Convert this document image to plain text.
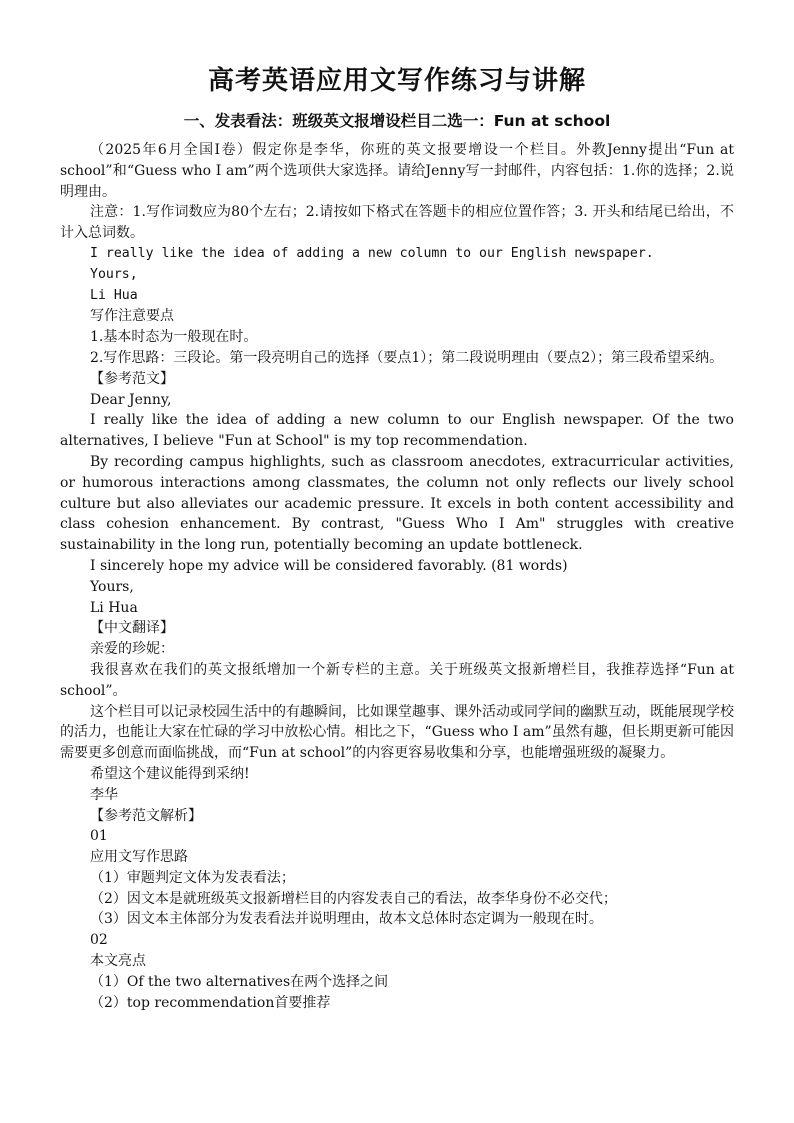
高考英语应用文写作练习与讲解
一、发表看法：班级英文报增设栏目二选一：Fun at school

（2025年6月全国Ⅰ卷）假定你是李华，你班的英文报要增设一个栏目。外教Jenny提出“Fun at school”和“Guess who I am”两个选项供大家选择。请给Jenny写一封邮件，内容包括：1.你的选择；2.说明理由。

注意：1.写作词数应为80个左右；2.请按如下格式在答题卡的相应位置作答；3. 开头和结尾已给出，不计入总词数。

I really like the idea of adding a new column to our English newspaper.

Yours,

Li Hua

写作注意要点

1.基本时态为一般现在时。

2.写作思路：三段论。第一段亮明自己的选择（要点1）；第二段说明理由（要点2）；第三段希望采纳。

【参考范文】

Dear Jenny,

I really like the idea of adding a new column to our English newspaper. Of the two alternatives, I believe "Fun at School" is my top recommendation.

By recording campus highlights, such as classroom anecdotes, extracurricular activities, or humorous interactions among classmates, the column not only reflects our lively school culture but also alleviates our academic pressure. It excels in both content accessibility and class cohesion enhancement. By contrast, "Guess Who I Am" struggles with creative sustainability in the long run, potentially becoming an update bottleneck.

I sincerely hope my advice will be considered favorably. (81 words)

Yours,

Li Hua

【中文翻译】

亲爱的珍妮：

我很喜欢在我们的英文报纸增加一个新专栏的主意。关于班级英文报新增栏目，我推荐选择“Fun at school”。

这个栏目可以记录校园生活中的有趣瞬间，比如课堂趣事、课外活动或同学间的幽默互动，既能展现学校的活力，也能让大家在忙碌的学习中放松心情。相比之下，“Guess who I am”虽然有趣，但长期更新可能因需要更多创意而面临挑战，而“Fun at school”的内容更容易收集和分享，也能增强班级的凝聚力。

希望这个建议能得到采纳!

李华

【参考范文解析】

01

应用文写作思路

（1）审题判定文体为发表看法；

（2）因文本是就班级英文报新增栏目的内容发表自己的看法，故李华身份不必交代；

（3）因文本主体部分为发表看法并说明理由，故本文总体时态定调为一般现在时。

02

本文亮点

（1）Of the two alternatives在两个选择之间

（2）top recommendation首要推荐
